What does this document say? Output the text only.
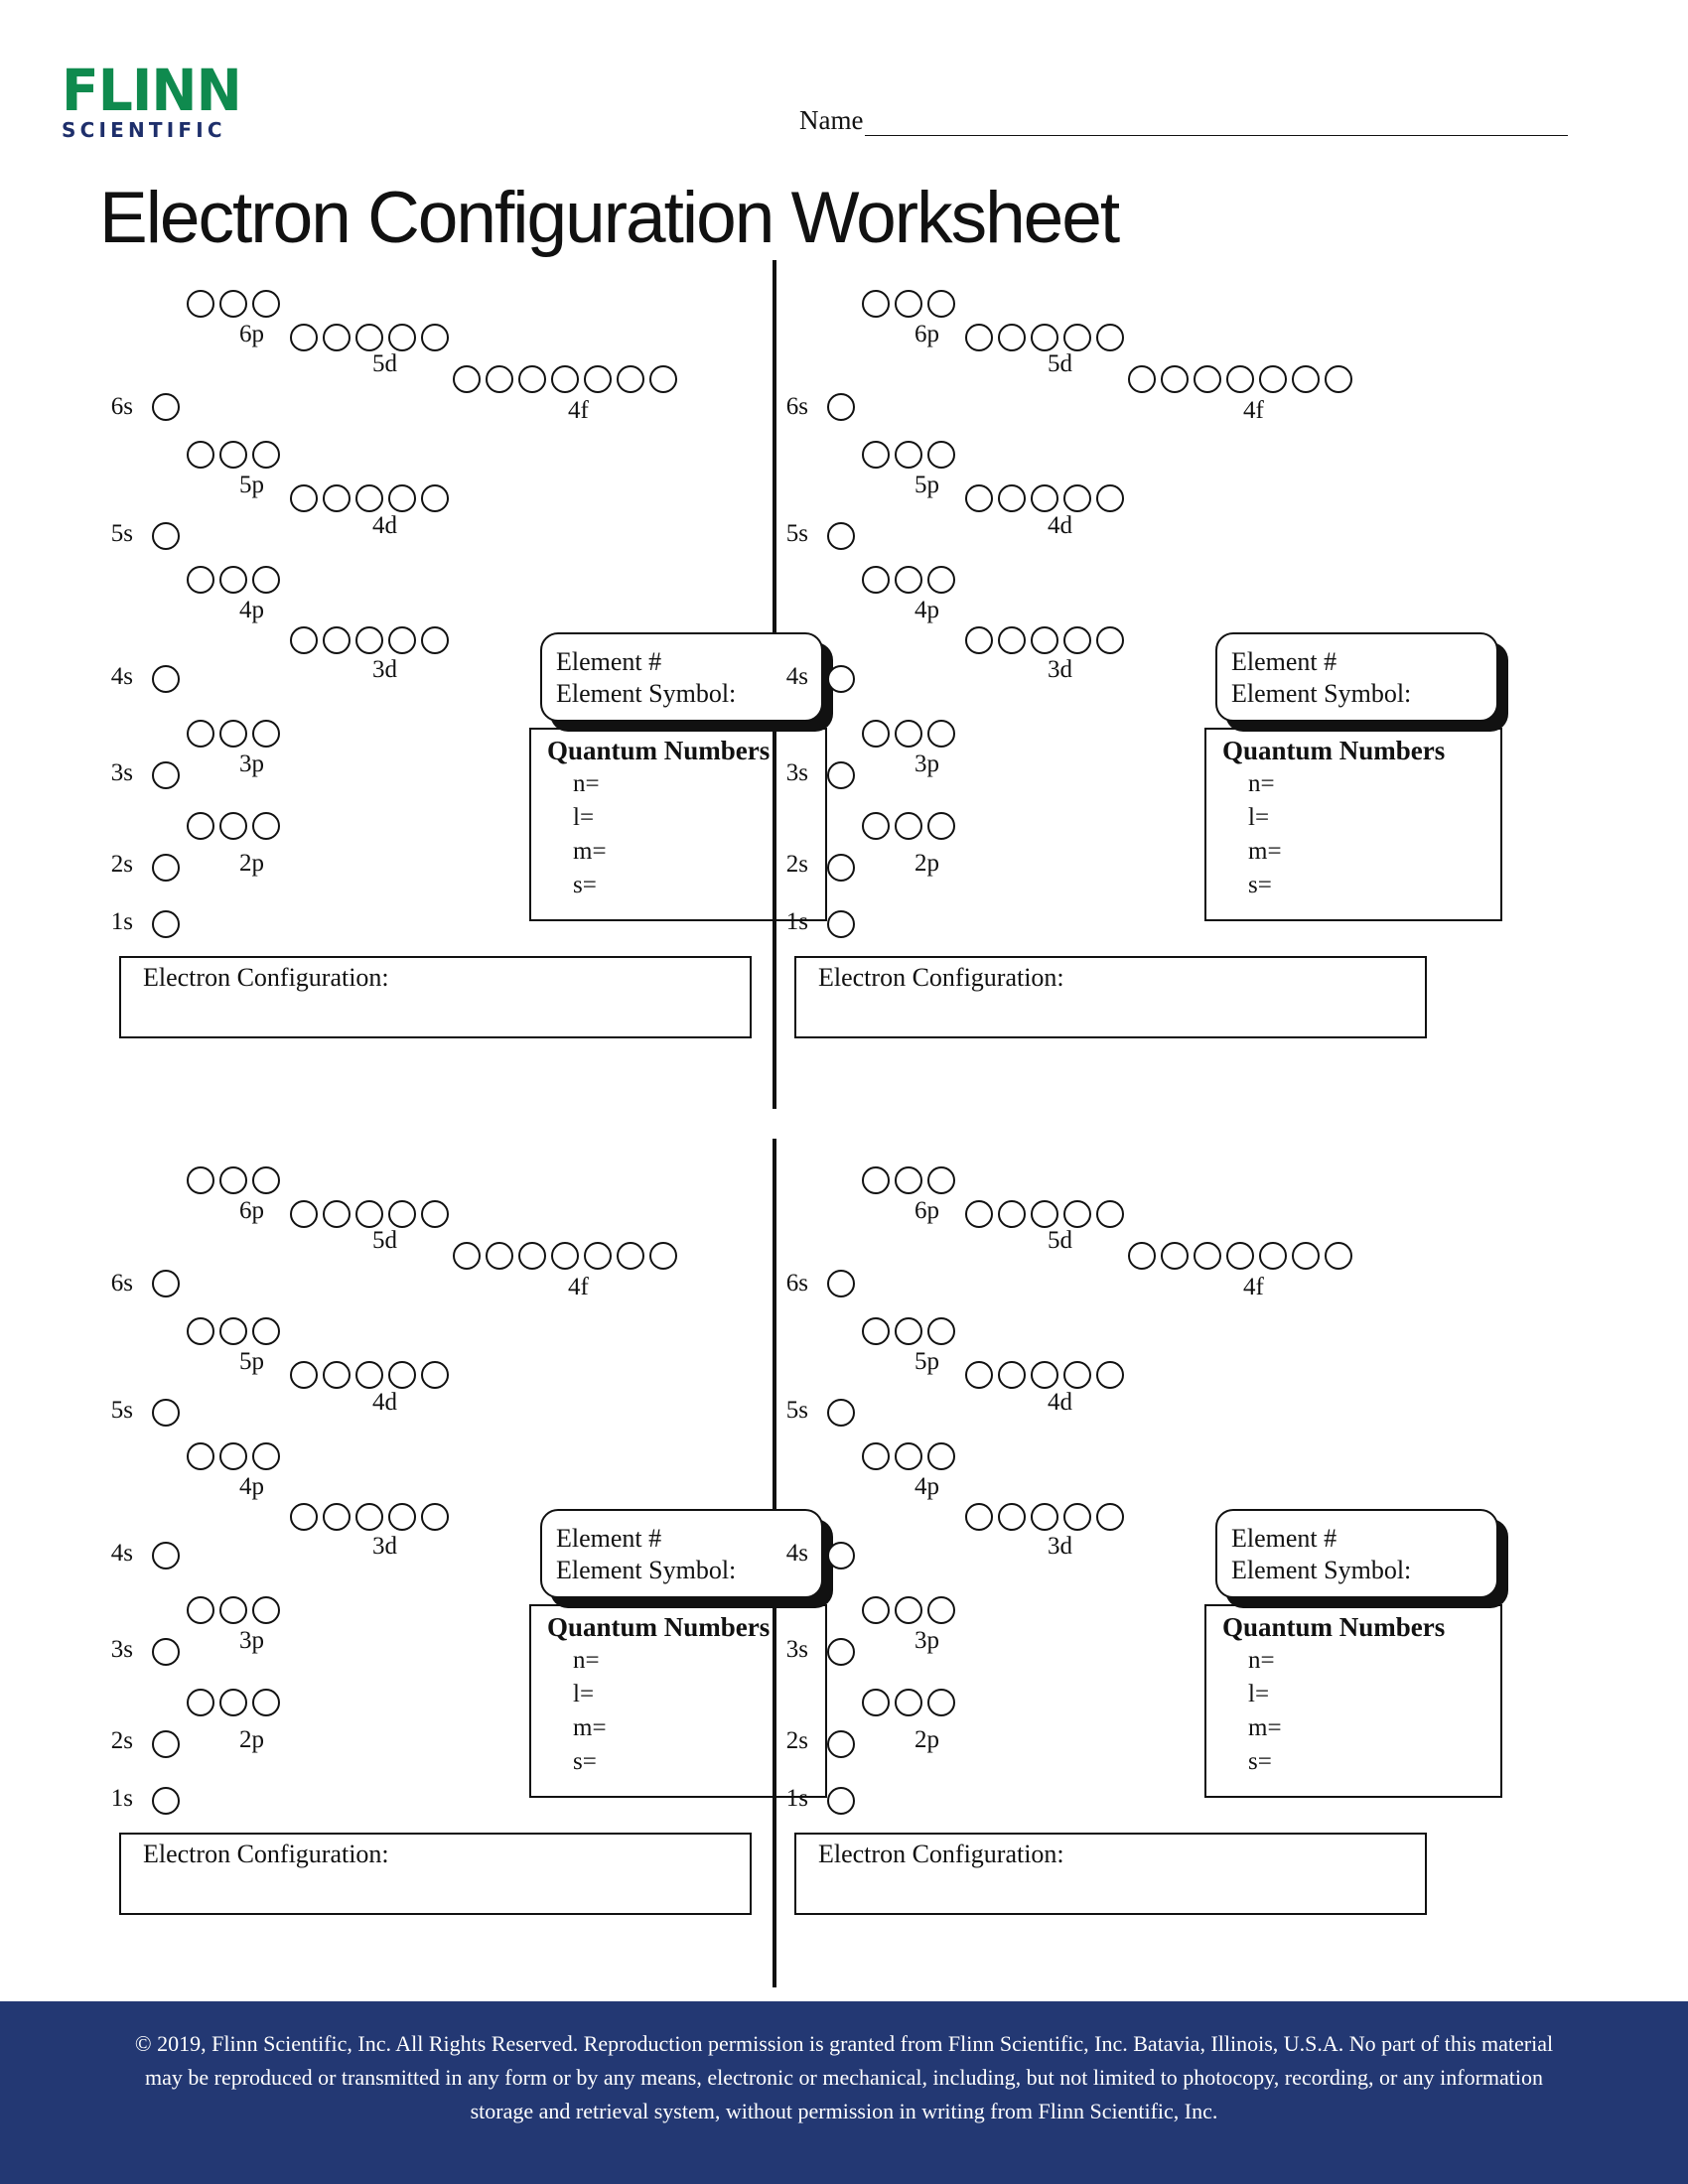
FLINN
SCIENTIFIC	Name
Electron Configuration Worksheet
6p
5d
4f
6s
5p
4d
5s
4p
3d
4s
3p
3s
2p
2s
1s
Element #
Element Symbol:
Quantum Numbers
n=
l=
m=
s=
Electron Configuration:
6p
5d
4f
6s
5p
4d
5s
4p
3d
4s
3p
3s
2p
2s
1s
Element #
Element Symbol:
Quantum Numbers
n=
l=
m=
s=
Electron Configuration:
6p
5d
4f
6s
5p
4d
5s
4p
3d
4s
3p
3s
2p
2s
1s
Element #
Element Symbol:
Quantum Numbers
n=
l=
m=
s=
Electron Configuration:
6p
5d
4f
6s
5p
4d
5s
4p
3d
4s
3p
3s
2p
2s
1s
Element #
Element Symbol:
Quantum Numbers
n=
l=
m=
s=
Electron Configuration:
© 2019, Flinn Scientific, Inc. All Rights Reserved. Reproduction permission is granted from Flinn Scientific, Inc. Batavia, Illinois, U.S.A. No part of this material
may be reproduced or transmitted in any form or by any means, electronic or mechanical, including, but not limited to photocopy, recording, or any information
storage and retrieval system, without permission in writing from Flinn Scientific, Inc.
